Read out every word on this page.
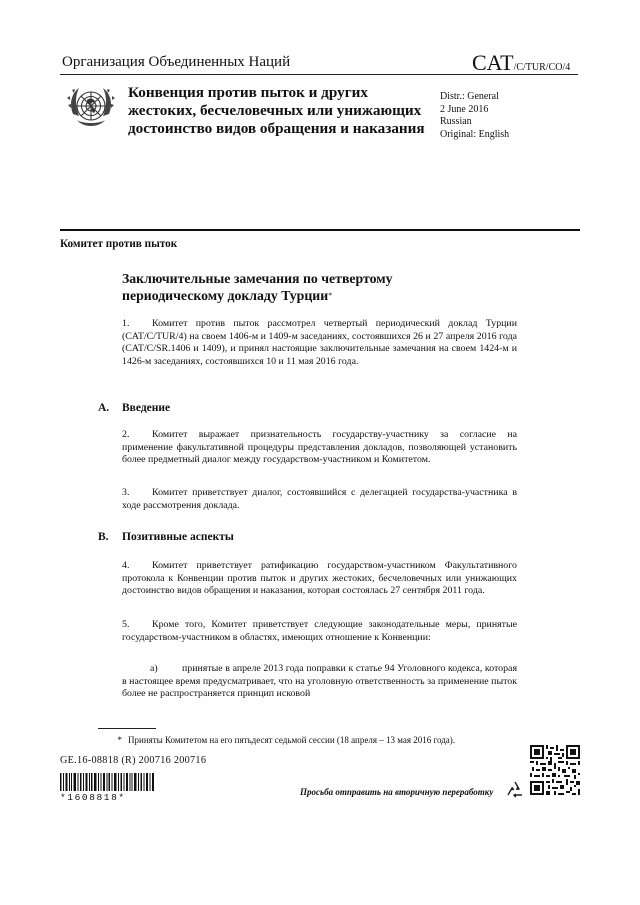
Организация Объединенных Наций	CAT/C/TUR/CO/4
Конвенция против пыток и других жестоких, бесчеловечных или унижающих достоинство видов обращения и наказания
Distr.: General
2 June 2016
Russian
Original: English
Комитет против пыток
Заключительные замечания по четвертому периодическому докладу Турции*
1. Комитет против пыток рассмотрел четвертый периодический доклад Турции (CAT/C/TUR/4) на своем 1406-м и 1409-м заседаниях, состоявшихся 26 и 27 апреля 2016 года (CAT/C/SR.1406 и 1409), и принял настоящие заключительные замечания на своем 1424-м и 1426-м заседаниях, состоявшихся 10 и 11 мая 2016 года.
A. Введение
2. Комитет выражает признательность государству-участнику за согласие на применение факультативной процедуры представления докладов, позволяющей установить более предметный диалог между государством-участником и Комитетом.
3. Комитет приветствует диалог, состоявшийся с делегацией государства-участника в ходе рассмотрения доклада.
B. Позитивные аспекты
4. Комитет приветствует ратификацию государством-участником Факультативного протокола к Конвенции против пыток и других жестоких, бесчеловечных или унижающих достоинство видов обращения и наказания, которая состоялась 27 сентября 2011 года.
5. Кроме того, Комитет приветствует следующие законодательные меры, принятые государством-участником в областях, имеющих отношение к Конвенции:
a) принятые в апреле 2013 года поправки к статье 94 Уголовного кодекса, которая в настоящее время предусматривает, что на уголовную ответственность за применение пыток более не распространяется принцип исковой
* Приняты Комитетом на его пятьдесят седьмой сессии (18 апреля – 13 мая 2016 года).
GE.16-08818 (R) 200716 200716
*1608818*	Просьба отправить на вторичную переработку
